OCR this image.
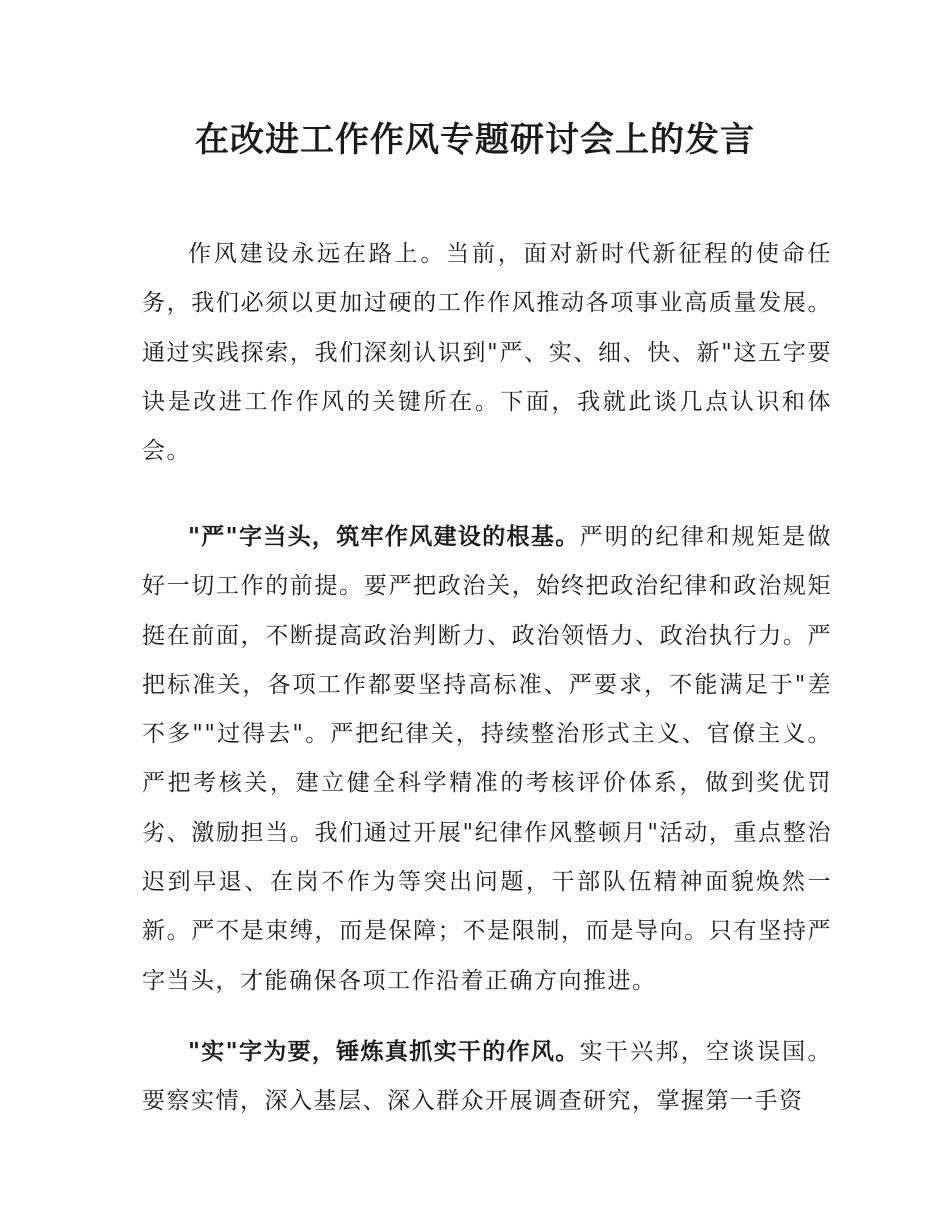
在改进工作作风专题研讨会上的发言

作风建设永远在路上。当前，面对新时代新征程的使命任务，我们必须以更加过硬的工作作风推动各项事业高质量发展。通过实践探索，我们深刻认识到"严、实、细、快、新"这五字要诀是改进工作作风的关键所在。下面，我就此谈几点认识和体会。

"严"字当头，筑牢作风建设的根基。严明的纪律和规矩是做好一切工作的前提。要严把政治关，始终把政治纪律和政治规矩挺在前面，不断提高政治判断力、政治领悟力、政治执行力。严把标准关，各项工作都要坚持高标准、严要求，不能满足于"差不多""过得去"。严把纪律关，持续整治形式主义、官僚主义。严把考核关，建立健全科学精准的考核评价体系，做到奖优罚劣、激励担当。我们通过开展"纪律作风整顿月"活动，重点整治迟到早退、在岗不作为等突出问题，干部队伍精神面貌焕然一新。严不是束缚，而是保障；不是限制，而是导向。只有坚持严字当头，才能确保各项工作沿着正确方向推进。

"实"字为要，锤炼真抓实干的作风。实干兴邦，空谈误国。要察实情，深入基层、深入群众开展调查研究，掌握第一手资
